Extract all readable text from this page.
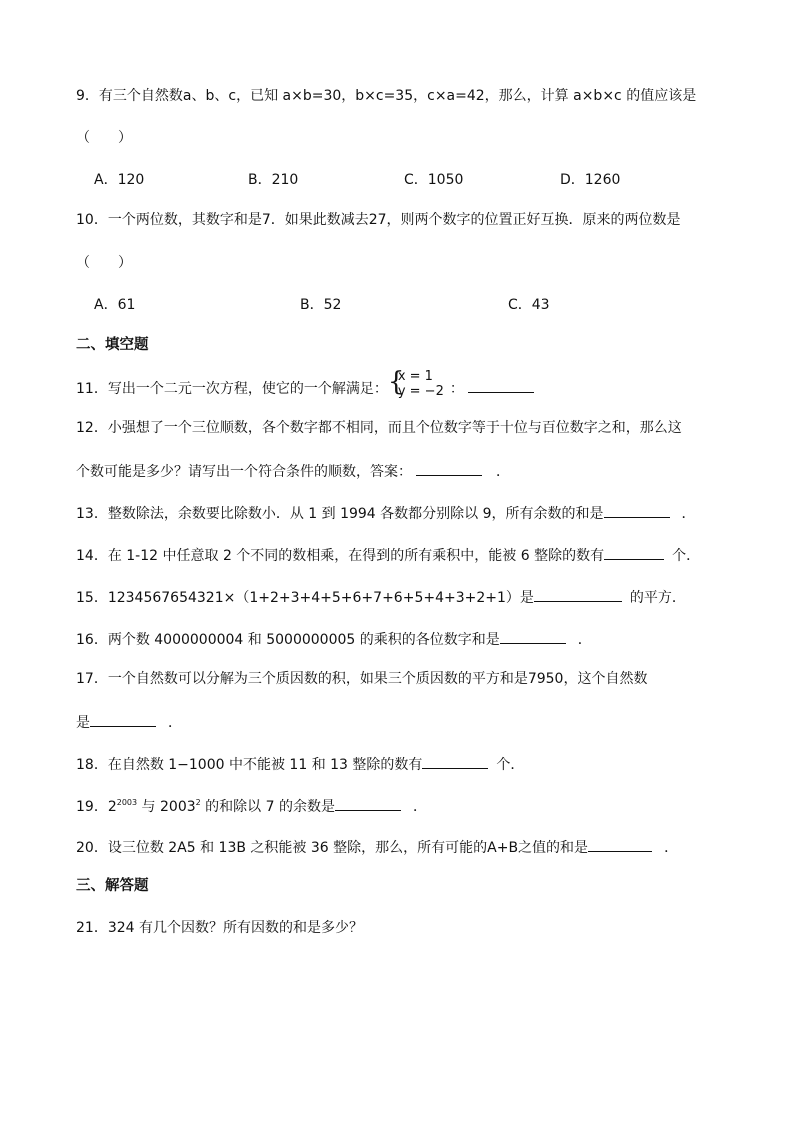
9．有三个自然数a、b、c，已知 a×b=30，b×c=35，c×a=42，那么，计算 a×b×c 的值应该是
（　　）
A．120	B．210	C．1050	D．1260
10．一个两位数，其数字和是7．如果此数减去27，则两个数字的位置正好互换．原来的两位数是
（　　）
A．61	B．52	C．43
二、填空题
11．写出一个二元一次方程，使它的一个解满足： {
x = 1
y = −2 ：
12．小强想了一个三位顺数，各个数字都不相同，而且个位数字等于十位与百位数字之和，那么这
个数可能是多少？请写出一个符合条件的顺数，答案：	．
13．整数除法，余数要比除数小．从 1 到 1994 各数都分别除以 9，所有余数的和是	．
14．在 1-12 中任意取 2 个不同的数相乘，在得到的所有乘积中，能被 6 整除的数有	个．
15．1234567654321×（1+2+3+4+5+6+7+6+5+4+3+2+1）是	的平方．
16．两个数 4000000004 和 5000000005 的乘积的各位数字和是	．
17．一个自然数可以分解为三个质因数的积，如果三个质因数的平方和是7950，这个自然数
是	．
18．在自然数 1−1000 中不能被 11 和 13 整除的数有	个．
19．$2^{2003}$ 与 2003$^2$ 的和除以 7 的余数是	．
20．设三位数 2A5 和 13B 之积能被 36 整除，那么，所有可能的A+B之值的和是	．
三、解答题
21．324 有几个因数？所有因数的和是多少？
